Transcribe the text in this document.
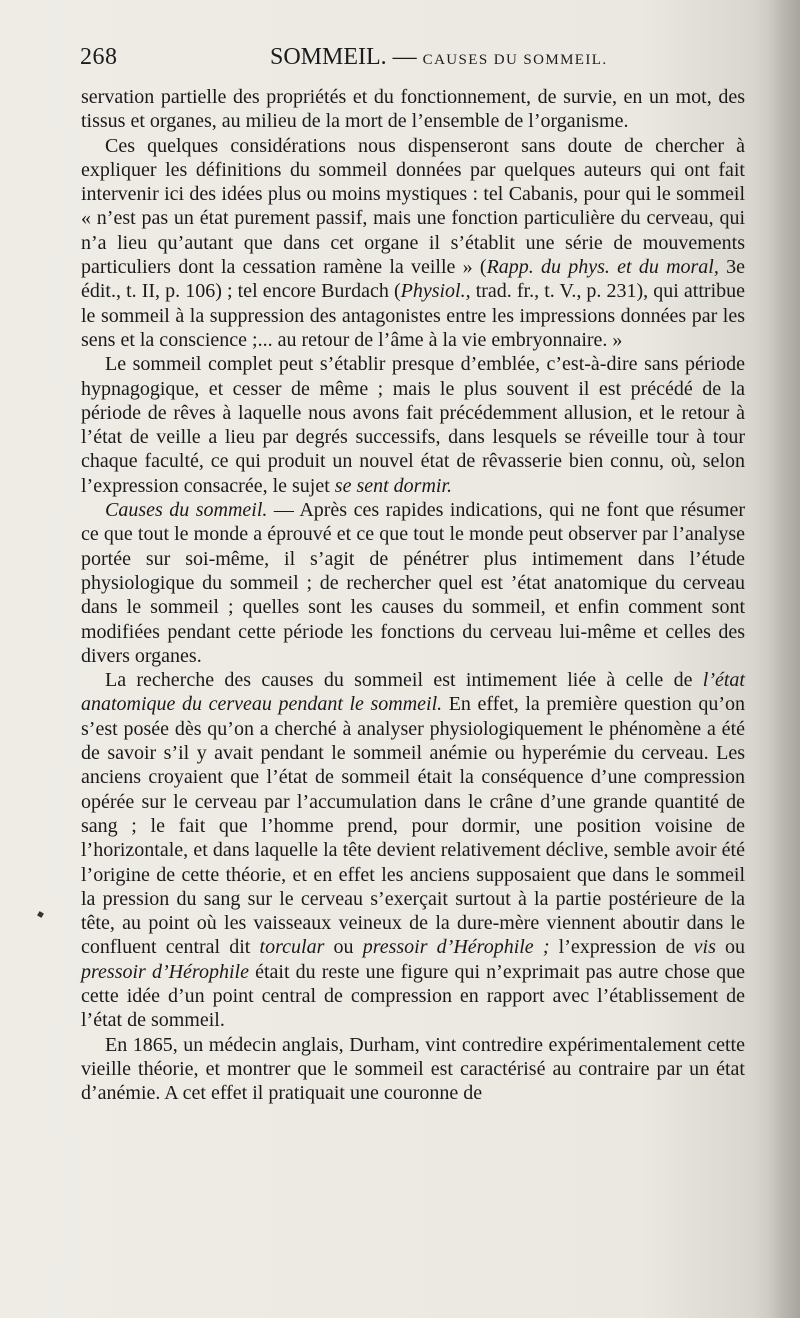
268	SOMMEIL. — CAUSES DU SOMMEIL.

servation partielle des propriétés et du fonctionnement, de survie, en un mot, des tissus et organes, au milieu de la mort de l’ensemble de l’organisme.

Ces quelques considérations nous dispenseront sans doute de chercher à expliquer les définitions du sommeil données par quelques auteurs qui ont fait intervenir ici des idées plus ou moins mystiques : tel Cabanis, pour qui le sommeil « n’est pas un état purement passif, mais une fonction particulière du cerveau, qui n’a lieu qu’autant que dans cet organe il s’établit une série de mouvements particuliers dont la cessation ramène la veille » (Rapp. du phys. et du moral, 3e édit., t. II, p. 106) ; tel encore Burdach (Physiol., trad. fr., t. V., p. 231), qui attribue le sommeil à la suppression des antagonistes entre les impressions données par les sens et la conscience ;... au retour de l’âme à la vie embryonnaire. »

Le sommeil complet peut s’établir presque d’emblée, c’est-à-dire sans période hypnagogique, et cesser de même ; mais le plus souvent il est précédé de la période de rêves à laquelle nous avons fait précédemment allusion, et le retour à l’état de veille a lieu par degrés successifs, dans lesquels se réveille tour à tour chaque faculté, ce qui produit un nouvel état de rêvasserie bien connu, où, selon l’expression consacrée, le sujet se sent dormir.

Causes du sommeil. — Après ces rapides indications, qui ne font que résumer ce que tout le monde a éprouvé et ce que tout le monde peut observer par l’analyse portée sur soi-même, il s’agit de pénétrer plus intimement dans l’étude physiologique du sommeil ; de rechercher quel est ’état anatomique du cerveau dans le sommeil ; quelles sont les causes du sommeil, et enfin comment sont modifiées pendant cette période les fonctions du cerveau lui-même et celles des divers organes.

La recherche des causes du sommeil est intimement liée à celle de l’état anatomique du cerveau pendant le sommeil. En effet, la première question qu’on s’est posée dès qu’on a cherché à analyser physiologiquement le phénomène a été de savoir s’il y avait pendant le sommeil anémie ou hyperémie du cerveau. Les anciens croyaient que l’état de sommeil était la conséquence d’une compression opérée sur le cerveau par l’accumulation dans le crâne d’une grande quantité de sang ; le fait que l’homme prend, pour dormir, une position voisine de l’horizontale, et dans laquelle la tête devient relativement déclive, semble avoir été l’origine de cette théorie, et en effet les anciens supposaient que dans le sommeil la pression du sang sur le cerveau s’exerçait surtout à la partie postérieure de la tête, au point où les vaisseaux veineux de la dure-mère viennent aboutir dans le confluent central dit torcular ou pressoir d’Hérophile ; l’expression de vis ou pressoir d’Hérophile était du reste une figure qui n’exprimait pas autre chose que cette idée d’un point central de compression en rapport avec l’établissement de l’état de sommeil.

En 1865, un médecin anglais, Durham, vint contredire expérimentalement cette vieille théorie, et montrer que le sommeil est caractérisé au contraire par un état d’anémie. A cet effet il pratiquait une couronne de
